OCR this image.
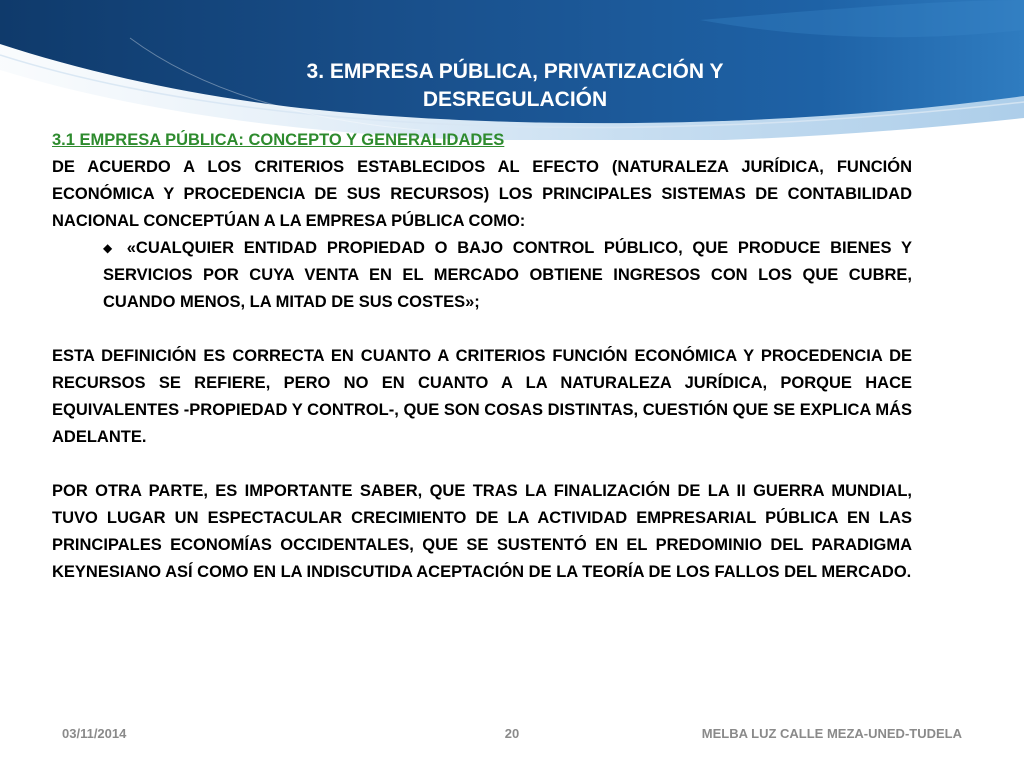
3. EMPRESA PÚBLICA, PRIVATIZACIÓN Y
DESREGULACIÓN

3.1 EMPRESA PÚBLICA: CONCEPTO Y GENERALIDADES

DE ACUERDO A LOS CRITERIOS ESTABLECIDOS AL EFECTO (NATURALEZA JURÍDICA, FUNCIÓN ECONÓMICA Y PROCEDENCIA DE SUS RECURSOS) LOS PRINCIPALES SISTEMAS DE CONTABILIDAD NACIONAL CONCEPTÚAN A LA EMPRESA PÚBLICA COMO:

◆ «CUALQUIER ENTIDAD PROPIEDAD O BAJO CONTROL PÚBLICO, QUE PRODUCE BIENES Y SERVICIOS POR CUYA VENTA EN EL MERCADO OBTIENE INGRESOS CON LOS QUE CUBRE, CUANDO MENOS, LA MITAD DE SUS COSTES»;

ESTA DEFINICIÓN ES CORRECTA EN CUANTO A CRITERIOS FUNCIÓN ECONÓMICA Y PROCEDENCIA DE RECURSOS SE REFIERE, PERO NO EN CUANTO A LA NATURALEZA JURÍDICA, PORQUE HACE EQUIVALENTES -PROPIEDAD Y CONTROL-, QUE SON COSAS DISTINTAS, CUESTIÓN QUE SE EXPLICA MÁS ADELANTE.

POR OTRA PARTE, ES IMPORTANTE SABER, QUE TRAS LA FINALIZACIÓN DE LA II GUERRA MUNDIAL, TUVO LUGAR UN ESPECTACULAR CRECIMIENTO DE LA ACTIVIDAD EMPRESARIAL PÚBLICA EN LAS PRINCIPALES ECONOMÍAS OCCIDENTALES, QUE SE SUSTENTÓ EN EL PREDOMINIO DEL PARADIGMA KEYNESIANO ASÍ COMO EN LA INDISCUTIDA ACEPTACIÓN DE LA TEORÍA DE LOS FALLOS DEL MERCADO.

03/11/2014	20	MELBA LUZ CALLE MEZA-UNED-TUDELA
